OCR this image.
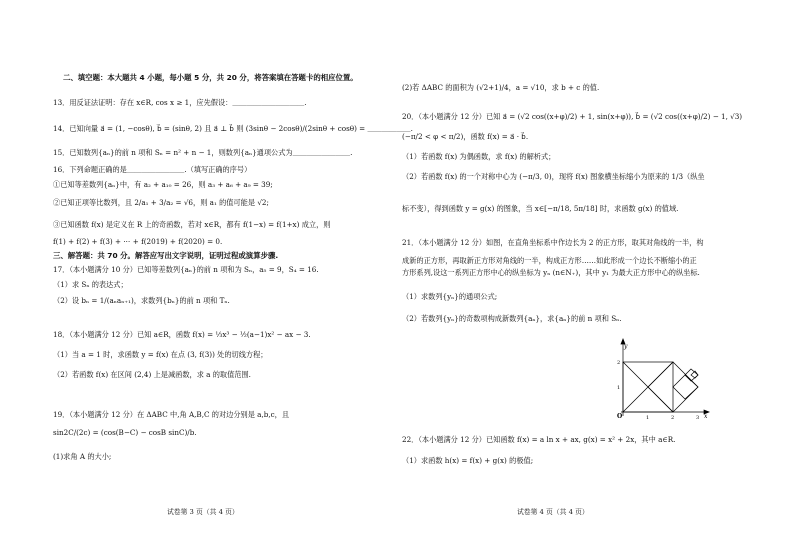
二、填空题：本大题共 4 小题，每小题 5 分，共 20 分，将答案填在答题卡的相应位置。
13．用反证法证明：存在 x∈R, cos x ≥ 1，应先假设：＿＿＿＿＿＿＿＿＿＿.
14．已知向量 a⃗ = (1, −cosθ), b⃗ = (sinθ, 2) 且 a⃗ ⊥ b⃗ 则 (3sinθ − 2cosθ)/(2sinθ + cosθ) = ＿＿＿＿＿＿.
15．已知数列{aₙ}的前 n 项和 Sₙ = n² + n − 1，则数列{aₙ}通项公式为＿＿＿＿＿＿＿＿.
16．下列命题正确的是＿＿＿＿＿＿＿＿.（填写正确的序号）
①已知等差数列{aₙ}中，有 a₂ + a₁₀ = 26，则 a₃ + a₆ + a₉ = 39;
②已知正项等比数列，且 2/a₁ + 3/a₂ = √6，则 a₁ 的值可能是 √2;
③已知函数 f(x) 是定义在 R 上的奇函数，若对 x∈R，都有 f(1−x) = f(1+x) 成立，则
f(1) + f(2) + f(3) + ⋯ + f(2019) + f(2020) = 0.
三、解答题：共 70 分。解答应写出文字说明，证明过程或演算步骤.
17．（本小题满分 10 分）已知等差数列{aₙ}的前 n 项和为 Sₙ，a₅ = 9，S₄ = 16.
（1）求 Sₙ 的表达式；
（2）设 bₙ = 1/(aₙaₙ₊₁)，求数列{bₙ}的前 n 项和 Tₙ.
18．（本小题满分 12 分）已知 a∈R，函数 f(x) = ⅓x³ − ½(a−1)x² − ax − 3.
（1）当 a = 1 时，求函数 y = f(x) 在点 (3, f(3)) 处的切线方程；
（2）若函数 f(x) 在区间 (2,4) 上是减函数，求 a 的取值范围.
19．（本小题满分 12 分）在 ΔABC 中,角 A,B,C 的对边分别是 a,b,c，且
sin2C/(2c) = (cos(B−C) − cosB sinC)/b.
(1)求角 A 的大小;
试卷第 3 页（共 4 页）
(2)若 ΔABC 的面积为 (√2+1)/4，a = √10，求 b + c 的值.
20．（本小题满分 12 分）已知 a⃗ = (√2 cos((x+φ)/2) + 1, sin(x+φ)), b⃗ = (√2 cos((x+φ)/2) − 1, √3)
(−π/2 < φ < π/2)，函数 f(x) = a⃗ · b⃗.
（1）若函数 f(x) 为偶函数，求 f(x) 的解析式；
（2）若函数 f(x) 的一个对称中心为 (−π/3, 0)，现将 f(x) 图象横坐标缩小为原来的 1/3（纵坐
标不变），得到函数 y = g(x) 的图象，当 x∈[−π/18, 5π/18] 时，求函数 g(x) 的值域.
21．（本小题满分 12 分）如图，在直角坐标系中作边长为 2 的正方形，取其对角线的一半，构
成新的正方形，再取新正方形对角线的一半，构成正方形……如此形成一个边长不断缩小的正
方形系列,设这一系列正方形中心的纵坐标为 yₙ (n∈N₊)，其中 y₁ 为最大正方形中心的纵坐标.
（1）求数列{yₙ}的通项公式;
（2）若数列{yₙ}的奇数项构成新数列{aₙ}，求{aₙ}的前 n 项和 Sₙ.
y
x
O	1	2	3
1
2
22．（本小题满分 12 分）已知函数 f(x) = a ln x + ax, g(x) = x² + 2x，其中 a∈R.
（1）求函数 h(x) = f(x) + g(x) 的极值;
试卷第 4 页（共 4 页）
